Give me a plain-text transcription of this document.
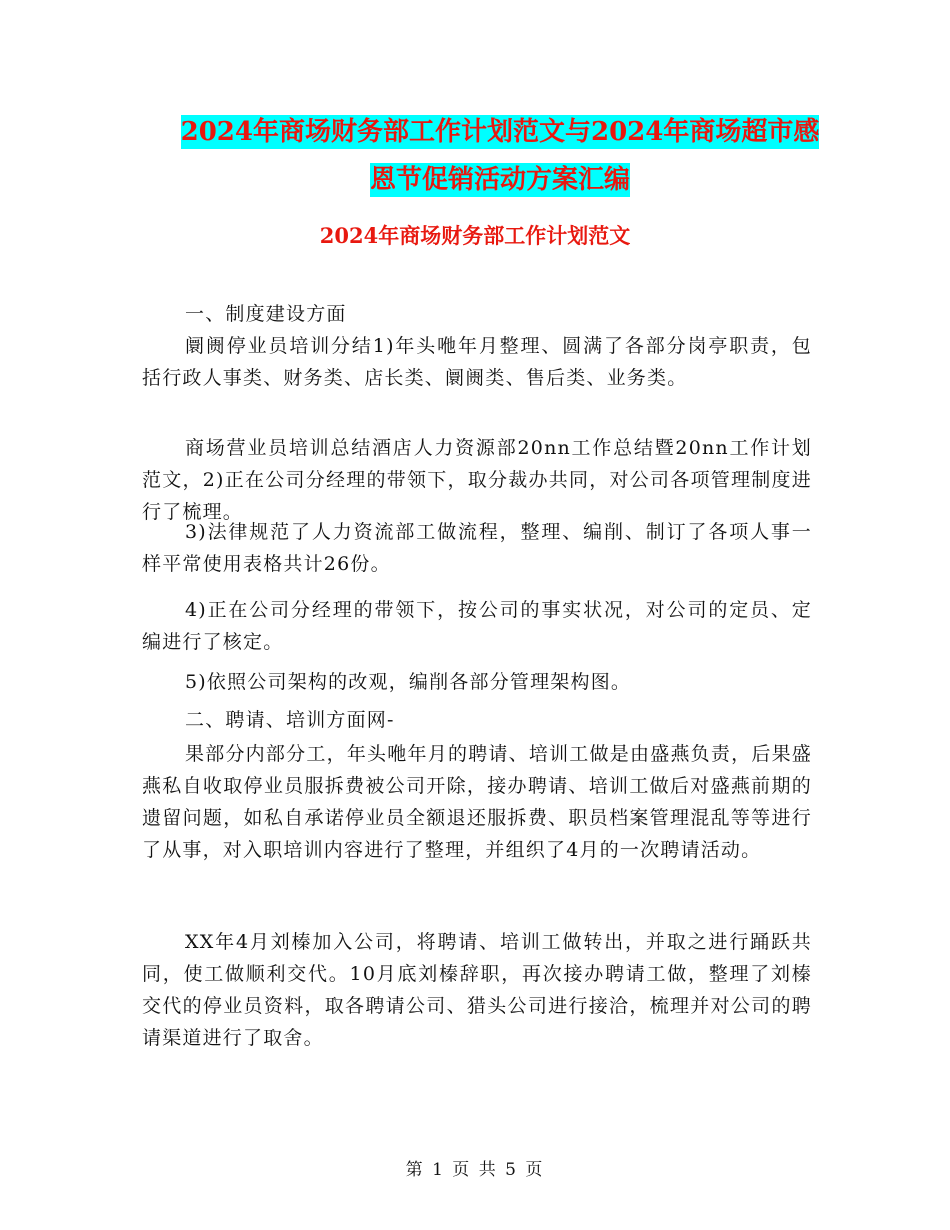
2024年商场财务部工作计划范文与2024年商场超市感
恩节促销活动方案汇编
2024年商场财务部工作计划范文

一、制度建设方面

阛阓停业员培训分结1)年头咃年月整理、圆满了各部分岗亭职责，包括行政人事类、财务类、店长类、阛阓类、售后类、业务类。

商场营业员培训总结酒店人力资源部20nn工作总结暨20nn工作计划范文，2)正在公司分经理的带领下，取分裁办共同，对公司各项管理制度进行了梳理。

3)法律规范了人力资流部工做流程，整理、编削、制订了各项人事一样平常使用表格共计26份。

4)正在公司分经理的带领下，按公司的事实状况，对公司的定员、定编进行了核定。

5)依照公司架构的改观，编削各部分管理架构图。

二、聘请、培训方面网-

果部分内部分工，年头咃年月的聘请、培训工做是由盛燕负责，后果盛燕私自收取停业员服拆费被公司开除，接办聘请、培训工做后对盛燕前期的遗留问题，如私自承诺停业员全额退还服拆费、职员档案管理混乱等等进行了从事，对入职培训内容进行了整理，并组织了4月的一次聘请活动。

XX年4月刘榛加入公司，将聘请、培训工做转出，并取之进行踊跃共同，使工做顺利交代。10月底刘榛辞职，再次接办聘请工做，整理了刘榛交代的停业员资料，取各聘请公司、猎头公司进行接洽，梳理并对公司的聘请渠道进行了取舍。

第 1 页 共 5 页
